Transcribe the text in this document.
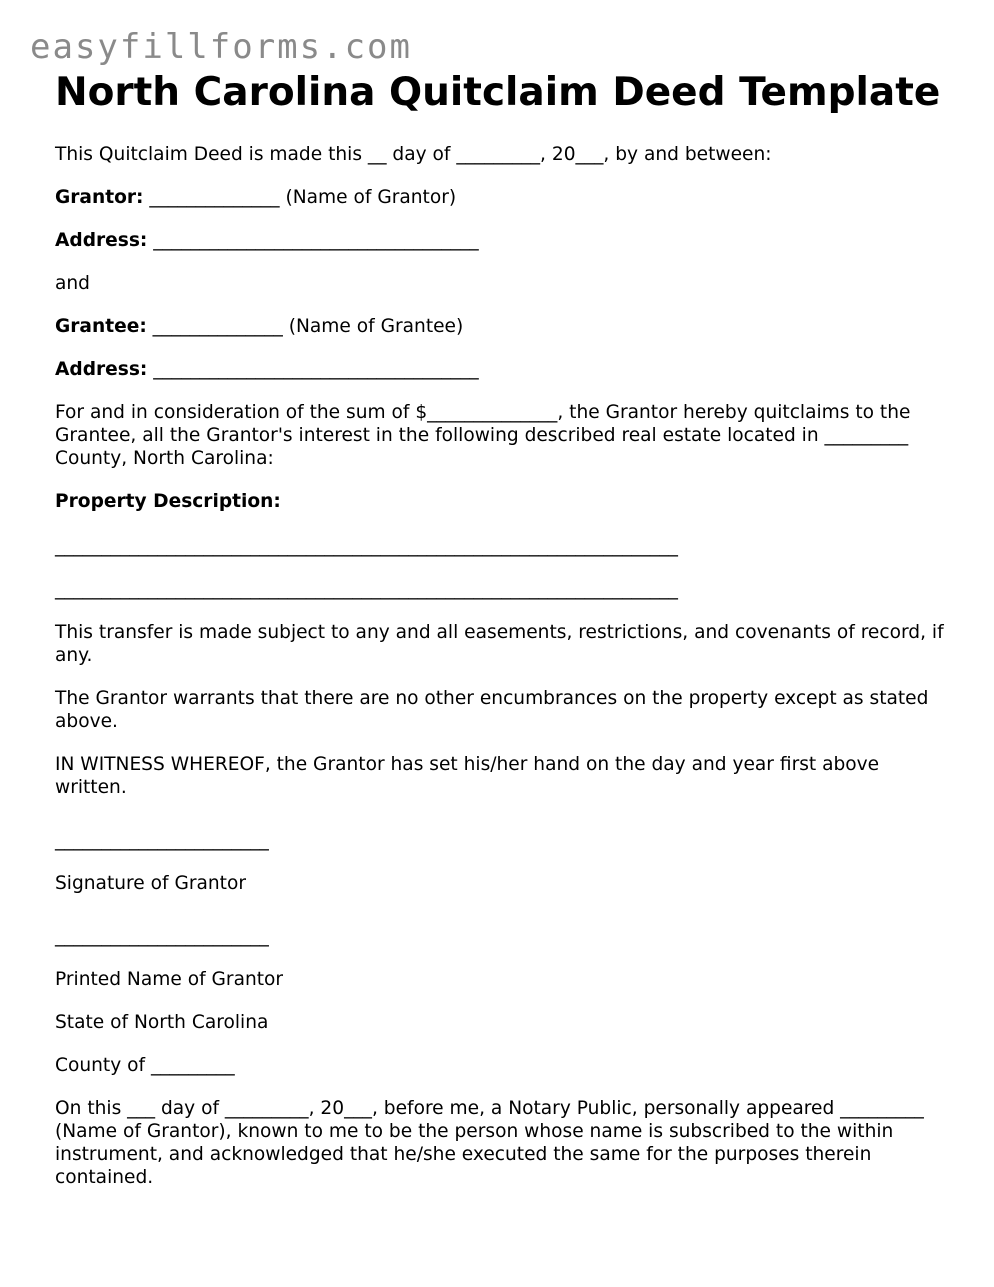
easyfillforms.com
North Carolina Quitclaim Deed Template
This Quitclaim Deed is made this __ day of _________, 20___, by and between:
Grantor: ______________ (Name of Grantor)
Address: ___________________________________
and
Grantee: ______________ (Name of Grantee)
Address: ___________________________________
For and in consideration of the sum of $______________, the Grantor hereby quitclaims to the Grantee, all the Grantor's interest in the following described real estate located in _________ County, North Carolina:
Property Description:
___________________________________________________________________
___________________________________________________________________
This transfer is made subject to any and all easements, restrictions, and covenants of record, if any.
The Grantor warrants that there are no other encumbrances on the property except as stated above.
IN WITNESS WHEREOF, the Grantor has set his/her hand on the day and year first above written.
_______________________
Signature of Grantor
_______________________
Printed Name of Grantor
State of North Carolina
County of _________
On this ___ day of _________, 20___, before me, a Notary Public, personally appeared _________ (Name of Grantor), known to me to be the person whose name is subscribed to the within instrument, and acknowledged that he/she executed the same for the purposes therein contained.
